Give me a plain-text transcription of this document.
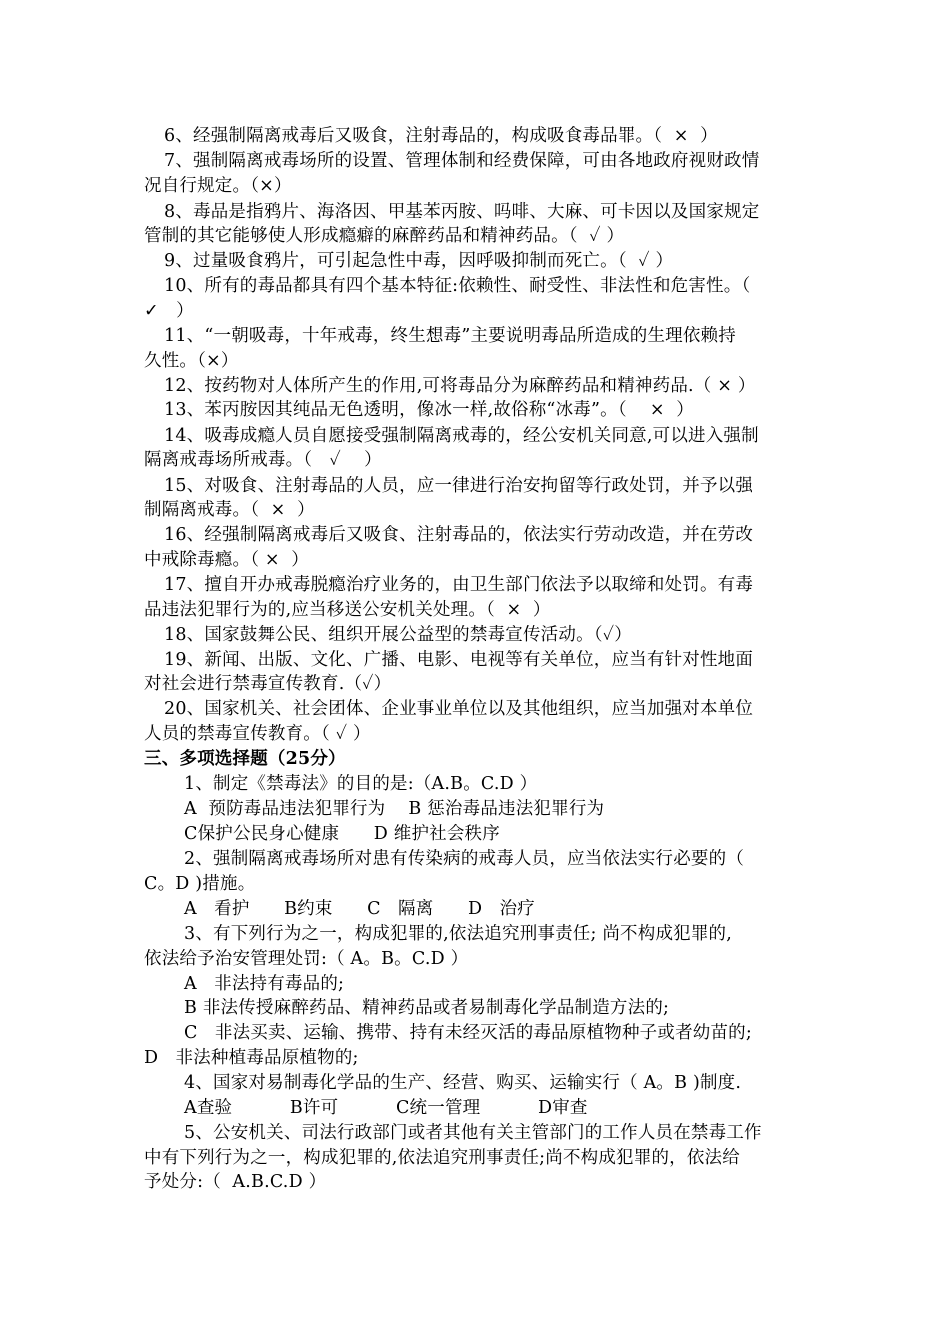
6、经强制隔离戒毒后又吸食，注射毒品的，构成吸食毒品罪。（  ×  ）
7、强制隔离戒毒场所的设置、管理体制和经费保障，可由各地政府视财政情
况自行规定。（×）
8、毒品是指鸦片、海洛因、甲基苯丙胺、吗啡、大麻、可卡因以及国家规定
管制的其它能够使人形成瘾癖的麻醉药品和精神药品。（  ✓ ）
9、过量吸食鸦片，可引起急性中毒，因呼吸抑制而死亡。（  ✓ ）
10、所有的毒品都具有四个基本特征:依赖性、耐受性、非法性和危害性。（
✓   ）
11、“一朝吸毒，十年戒毒，终生想毒”主要说明毒品所造成的生理依赖持
久性。（×）
12、按药物对人体所产生的作用,可将毒品分为麻醉药品和精神药品.（ × ）
13、苯丙胺因其纯品无色透明，像冰一样,故俗称“冰毒”。（    ×  ）
14、吸毒成瘾人员自愿接受强制隔离戒毒的，经公安机关同意,可以进入强制
隔离戒毒场所戒毒。（   ✓    ）
15、对吸食、注射毒品的人员，应一律进行治安拘留等行政处罚，并予以强
制隔离戒毒。（  ×  ）
16、经强制隔离戒毒后又吸食、注射毒品的，依法实行劳动改造，并在劳改
中戒除毒瘾。（ ×  ）
17、擅自开办戒毒脱瘾治疗业务的，由卫生部门依法予以取缔和处罚。有毒
品违法犯罪行为的,应当移送公安机关处理。（  ×  ）
18、国家鼓舞公民、组织开展公益型的禁毒宣传活动。（✓）
19、新闻、出版、文化、广播、电影、电视等有关单位，应当有针对性地面
对社会进行禁毒宣传教育.（✓）
20、国家机关、社会团体、企业事业单位以及其他组织，应当加强对本单位
人员的禁毒宣传教育。（ ✓ ）
三、多项选择题（25分）
1、制定《禁毒法》的目的是:（A.B。C.D ）
A  预防毒品违法犯罪行为    B 惩治毒品违法犯罪行为
C保护公民身心健康      D 维护社会秩序
2、强制隔离戒毒场所对患有传染病的戒毒人员，应当依法实行必要的（
C。D )措施。
A   看护      B约束      C   隔离      D   治疗
3、有下列行为之一，构成犯罪的,依法追究刑事责任; 尚不构成犯罪的,
依法给予治安管理处罚:（ A。B。C.D ）
A   非法持有毒品的;
B 非法传授麻醉药品、精神药品或者易制毒化学品制造方法的;
C   非法买卖、运输、携带、持有未经灭活的毒品原植物种子或者幼苗的;
D   非法种植毒品原植物的;
4、国家对易制毒化学品的生产、经营、购买、运输实行（ A。B )制度.
A查验          B许可          C统一管理          D审查
5、公安机关、司法行政部门或者其他有关主管部门的工作人员在禁毒工作
中有下列行为之一，构成犯罪的,依法追究刑事责任;尚不构成犯罪的，依法给
予处分:（  A.B.C.D ）
